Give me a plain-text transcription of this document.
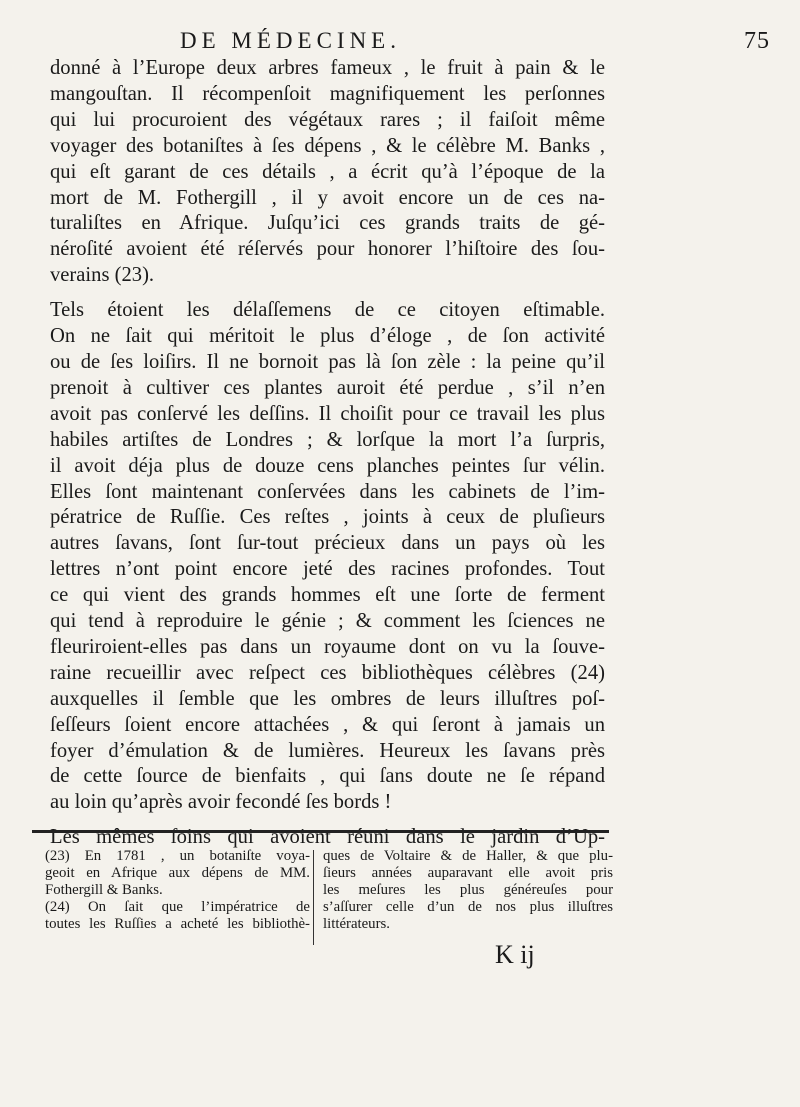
DE MÉDECINE.	75

donné à l’Europe deux arbres fameux , le fruit à pain & le
mangouſtan. Il récompenſoit magnifiquement les perſonnes
qui lui procuroient des végétaux rares ; il faiſoit même
voyager des botaniſtes à ſes dépens , & le célèbre M. Banks ,
qui eſt garant de ces détails , a écrit qu’à l’époque de la
mort de M. Fothergill , il y avoit encore un de ces na-
turaliſtes en Afrique. Juſqu’ici ces grands traits de gé-
néroſité avoient été réſervés pour honorer l’hiſtoire des ſou-
verains (23).

Tels étoient les délaſſemens de ce citoyen eſtimable.
On ne ſait qui méritoit le plus d’éloge , de ſon activité
ou de ſes loiſirs. Il ne bornoit pas là ſon zèle : la peine qu’il
prenoit à cultiver ces plantes auroit été perdue , s’il n’en
avoit pas conſervé les deſſins. Il choiſit pour ce travail les plus
habiles artiſtes de Londres ; & lorſque la mort l’a ſurpris,
il avoit déja plus de douze cens planches peintes ſur vélin.
Elles ſont maintenant conſervées dans les cabinets de l’im-
pératrice de Ruſſie. Ces reſtes , joints à ceux de pluſieurs
autres ſavans, ſont ſur-tout précieux dans un pays où les
lettres n’ont point encore jeté des racines profondes. Tout
ce qui vient des grands hommes eſt une ſorte de ferment
qui tend à reproduire le génie ; & comment les ſciences ne
fleuriroient-elles pas dans un royaume dont on vu la ſouve-
raine recueillir avec reſpect ces bibliothèques célèbres (24)
auxquelles il ſemble que les ombres de leurs illuſtres poſ-
ſeſſeurs ſoient encore attachées , & qui ſeront à jamais un
foyer d’émulation & de lumières. Heureux les ſavans près
de cette ſource de bienfaits , qui ſans doute ne ſe répand
au loin qu’après avoir fecondé ſes bords !

Les mêmes ſoins qui avoient réuni dans le jardin d’Up-

(23) En 1781 , un botaniſte voya-
geoit en Afrique aux dépens de MM.
Fothergill & Banks.
(24) On ſait que l’impératrice de
toutes les Ruſſies a acheté les bibliothè-
ques de Voltaire & de Haller, & que plu-
ſieurs années auparavant elle avoit pris
les meſures les plus généreuſes pour
s’aſſurer celle d’un de nos plus illuſtres
littérateurs.
K ij
